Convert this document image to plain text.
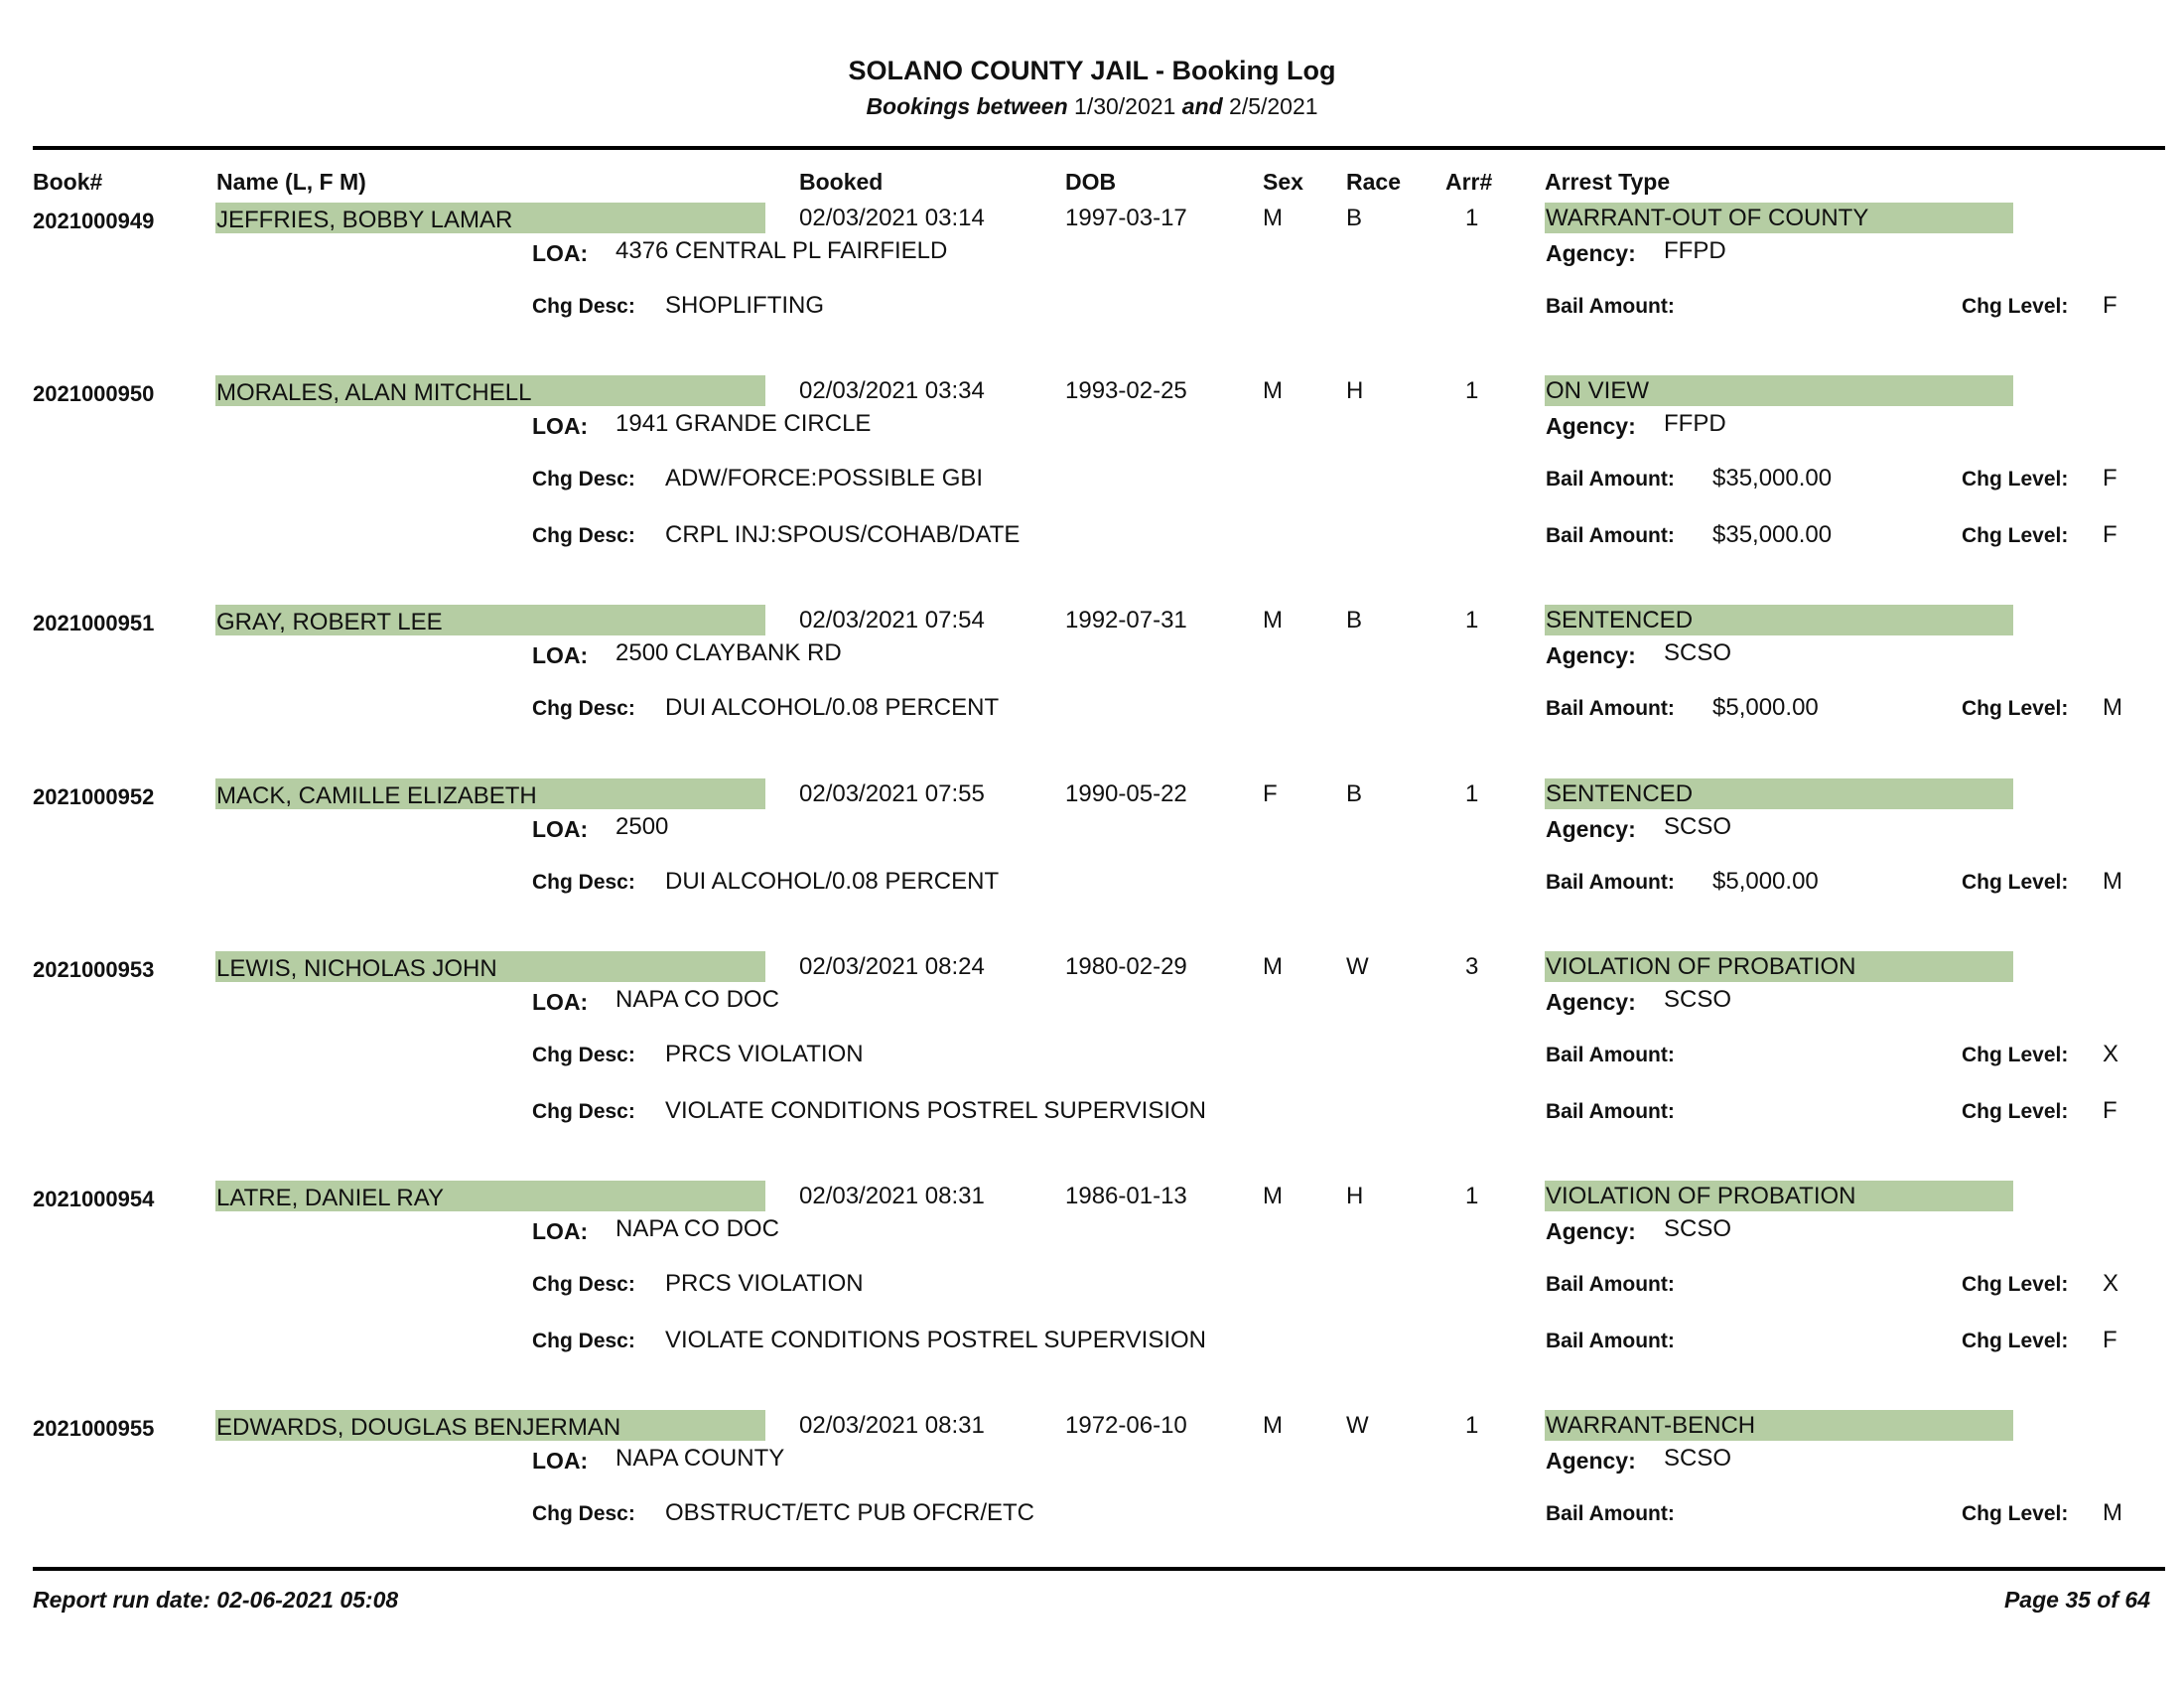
SOLANO COUNTY JAIL - Booking Log
Bookings between 1/30/2021 and 2/5/2021
Book#	Name (L, F M)	Booked	DOB	Sex Race Arr# Arrest Type
2021000949	JEFFRIES, BOBBY LAMAR	02/03/2021 03:14	1997-03-17	M	B	1	WARRANT-OUT OF COUNTY
LOA: 4376 CENTRAL PL FAIRFIELD	Agency: FFPD
Chg Desc: SHOPLIFTING	Bail Amount:	Chg Level: F
2021000950	MORALES, ALAN MITCHELL	02/03/2021 03:34	1993-02-25	M	H	1	ON VIEW
LOA: 1941 GRANDE CIRCLE	Agency: FFPD
Chg Desc: ADW/FORCE:POSSIBLE GBI	Bail Amount: $35,000.00	Chg Level: F
Chg Desc: CRPL INJ:SPOUS/COHAB/DATE	Bail Amount: $35,000.00	Chg Level: F
2021000951	GRAY, ROBERT LEE	02/03/2021 07:54	1992-07-31	M	B	1	SENTENCED
LOA: 2500 CLAYBANK RD	Agency: SCSO
Chg Desc: DUI ALCOHOL/0.08 PERCENT	Bail Amount: $5,000.00	Chg Level: M
2021000952	MACK, CAMILLE ELIZABETH	02/03/2021 07:55	1990-05-22	F	B	1	SENTENCED
LOA: 2500	Agency: SCSO
Chg Desc: DUI ALCOHOL/0.08 PERCENT	Bail Amount: $5,000.00	Chg Level: M
2021000953	LEWIS, NICHOLAS JOHN	02/03/2021 08:24	1980-02-29	M	W	3	VIOLATION OF PROBATION
LOA: NAPA CO DOC	Agency: SCSO
Chg Desc: PRCS VIOLATION	Bail Amount:	Chg Level: X
Chg Desc: VIOLATE CONDITIONS POSTREL SUPERVISION	Bail Amount:	Chg Level: F
2021000954	LATRE, DANIEL RAY	02/03/2021 08:31	1986-01-13	M	H	1	VIOLATION OF PROBATION
LOA: NAPA CO DOC	Agency: SCSO
Chg Desc: PRCS VIOLATION	Bail Amount:	Chg Level: X
Chg Desc: VIOLATE CONDITIONS POSTREL SUPERVISION	Bail Amount:	Chg Level: F
2021000955	EDWARDS, DOUGLAS BENJERMAN	02/03/2021 08:31	1972-06-10	M	W	1	WARRANT-BENCH
LOA: NAPA COUNTY	Agency: SCSO
Chg Desc: OBSTRUCT/ETC PUB OFCR/ETC	Bail Amount:	Chg Level: M
Report run date: 02-06-2021 05:08	Page 35 of 64
